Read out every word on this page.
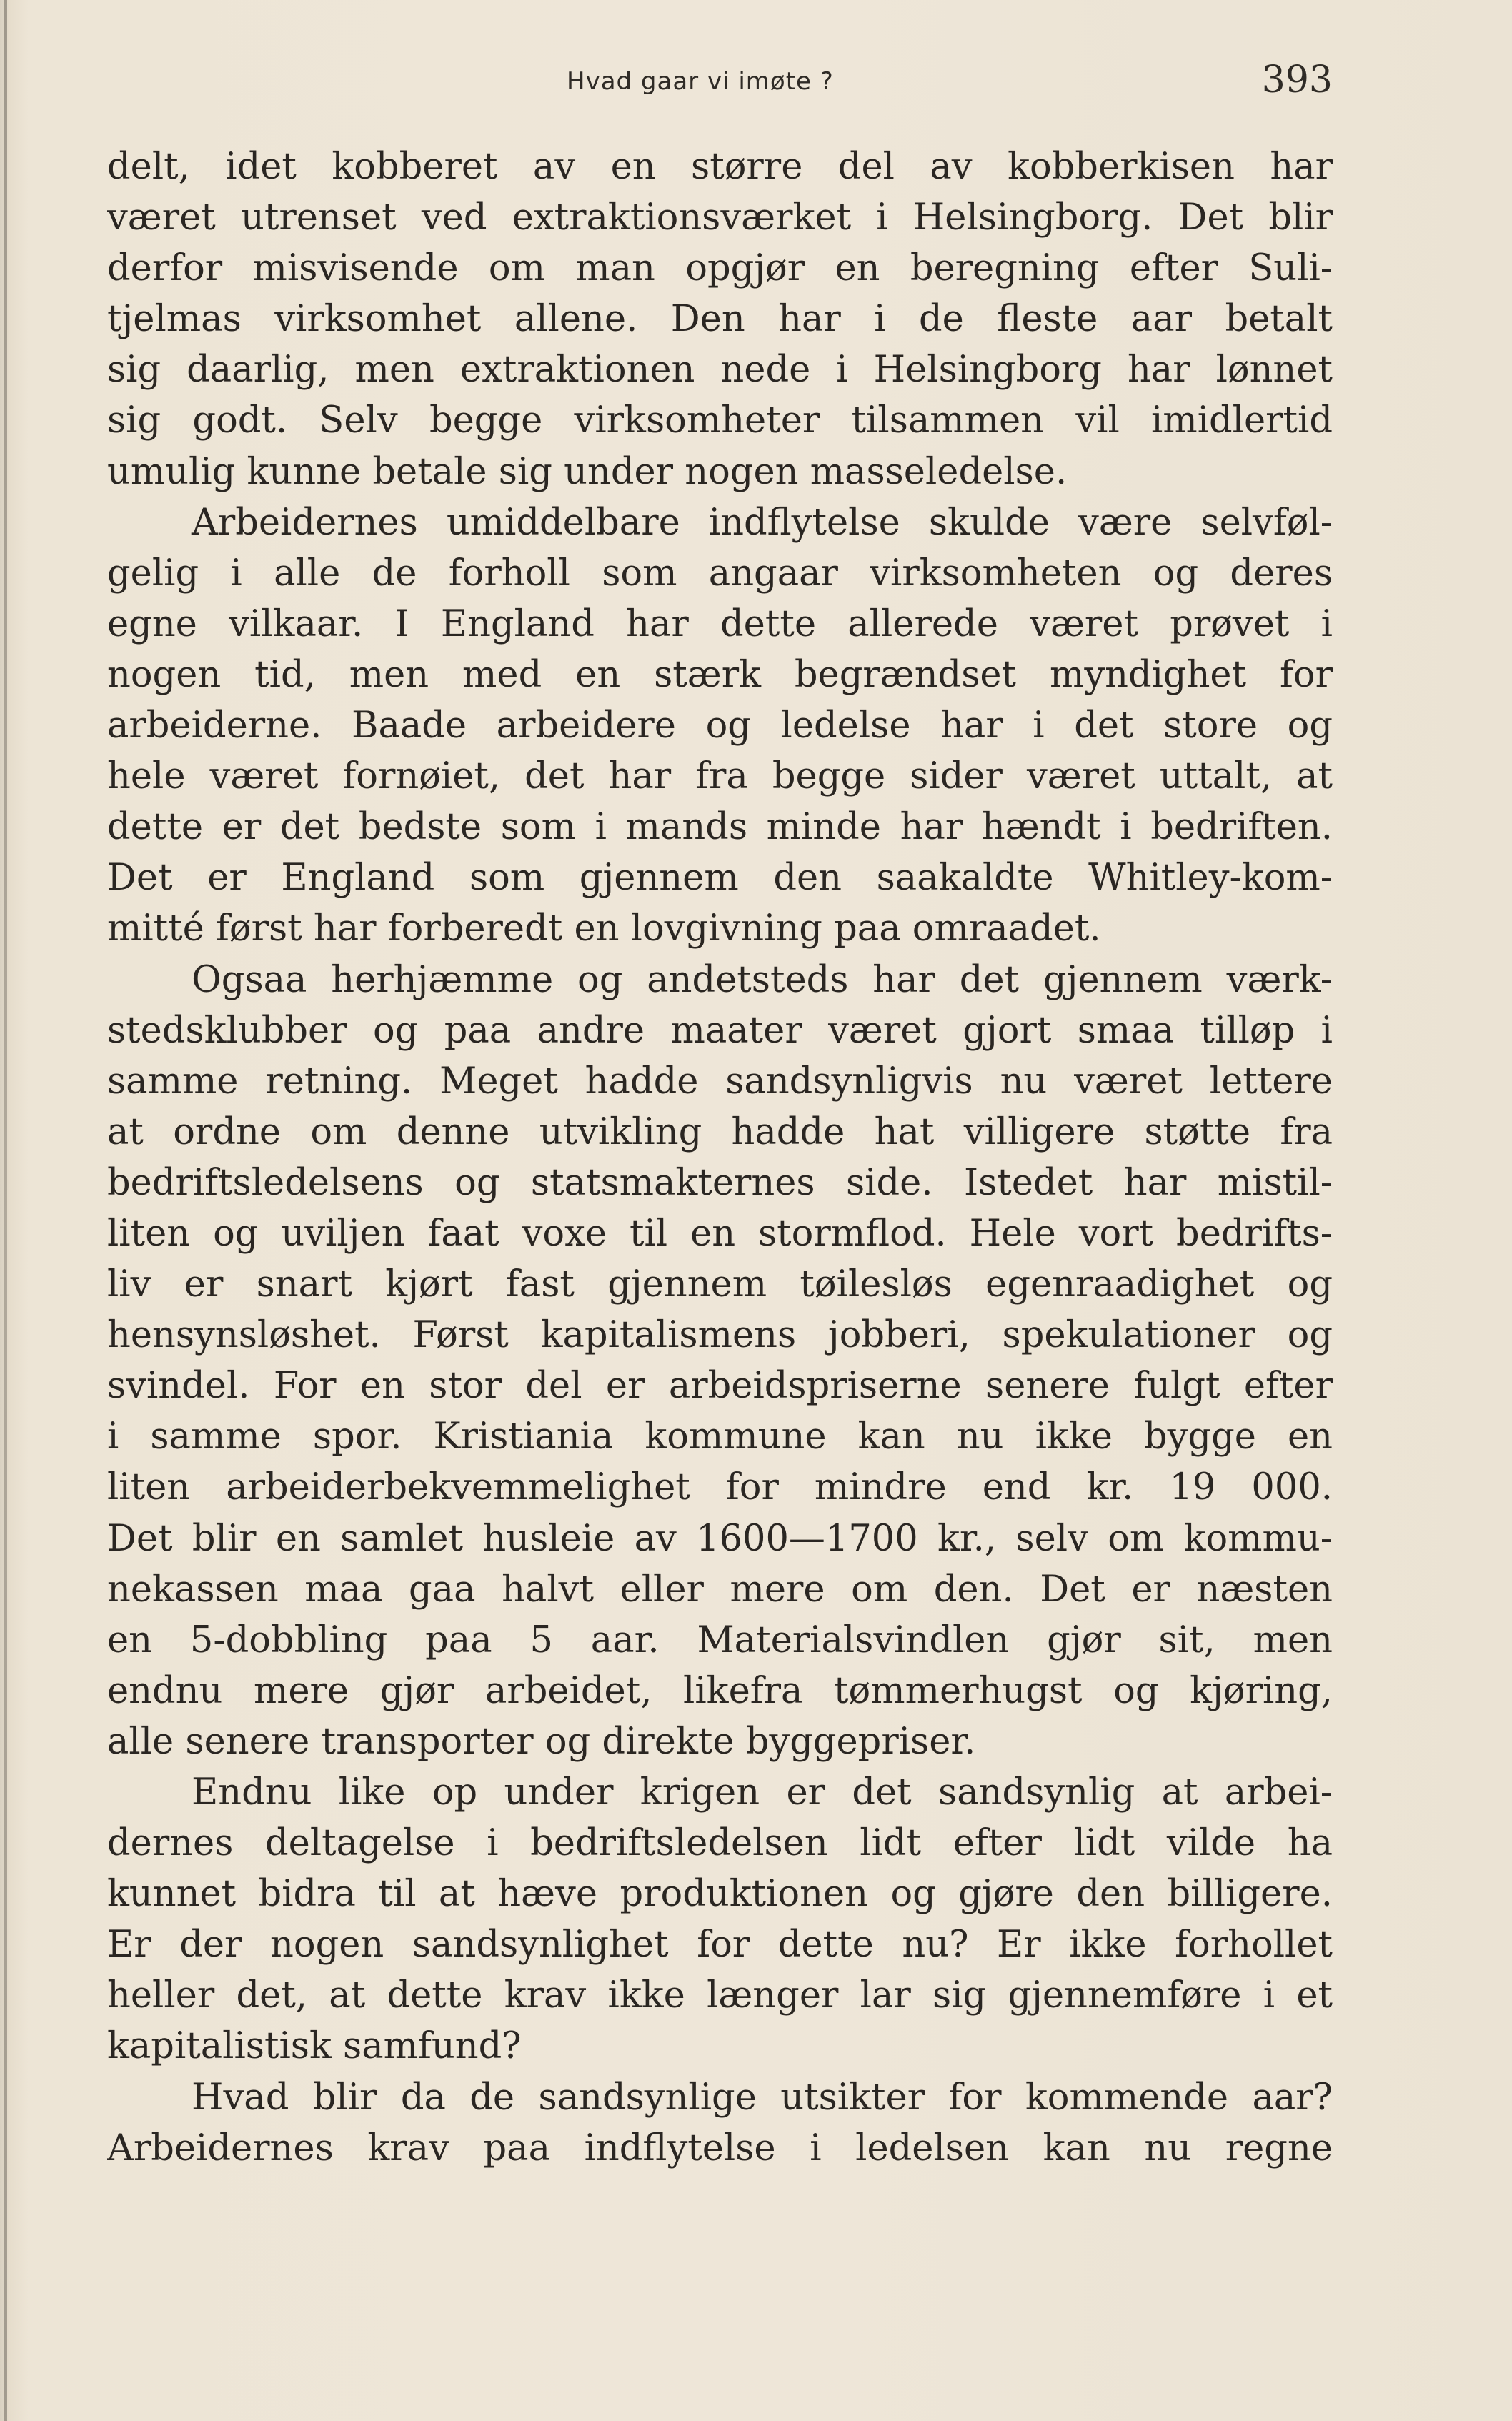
Hvad gaar vi imøte ?	393
delt, idet kobberet av en større del av kobberkisen har
været utrenset ved extraktionsværket i Helsingborg. Det blir
derfor misvisende om man opgjør en beregning efter Suli-
tjelmas virksomhet allene. Den har i de fleste aar betalt
sig daarlig, men extraktionen nede i Helsingborg har lønnet
sig godt. Selv begge virksomheter tilsammen vil imidlertid
umulig kunne betale sig under nogen masseledelse.
Arbeidernes umiddelbare indflytelse skulde være selvføl-
gelig i alle de forholl som angaar virksomheten og deres
egne vilkaar. I England har dette allerede været prøvet i
nogen tid, men med en stærk begrændset myndighet for
arbeiderne. Baade arbeidere og ledelse har i det store og
hele været fornøiet, det har fra begge sider været uttalt, at
dette er det bedste som i mands minde har hændt i bedriften.
Det er England som gjennem den saakaldte Whitley-kom-
mitté først har forberedt en lovgivning paa omraadet.
Ogsaa herhjæmme og andetsteds har det gjennem værk-
stedsklubber og paa andre maater været gjort smaa tilløp i
samme retning. Meget hadde sandsynligvis nu været lettere
at ordne om denne utvikling hadde hat villigere støtte fra
bedriftsledelsens og statsmakternes side. Istedet har mistil-
liten og uviljen faat voxe til en stormflod. Hele vort bedrifts-
liv er snart kjørt fast gjennem tøilesløs egenraadighet og
hensynsløshet. Først kapitalismens jobberi, spekulationer og
svindel. For en stor del er arbeidspriserne senere fulgt efter
i samme spor. Kristiania kommune kan nu ikke bygge en
liten arbeiderbekvemmelighet for mindre end kr. 19 000.
Det blir en samlet husleie av 1600—1700 kr., selv om kommu-
nekassen maa gaa halvt eller mere om den. Det er næsten
en 5-dobbling paa 5 aar. Materialsvindlen gjør sit, men
endnu mere gjør arbeidet, likefra tømmerhugst og kjøring,
alle senere transporter og direkte byggepriser.
Endnu like op under krigen er det sandsynlig at arbei-
dernes deltagelse i bedriftsledelsen lidt efter lidt vilde ha
kunnet bidra til at hæve produktionen og gjøre den billigere.
Er der nogen sandsynlighet for dette nu? Er ikke forhollet
heller det, at dette krav ikke længer lar sig gjennemføre i et
kapitalistisk samfund?
Hvad blir da de sandsynlige utsikter for kommende aar?
Arbeidernes krav paa indflytelse i ledelsen kan nu regne
